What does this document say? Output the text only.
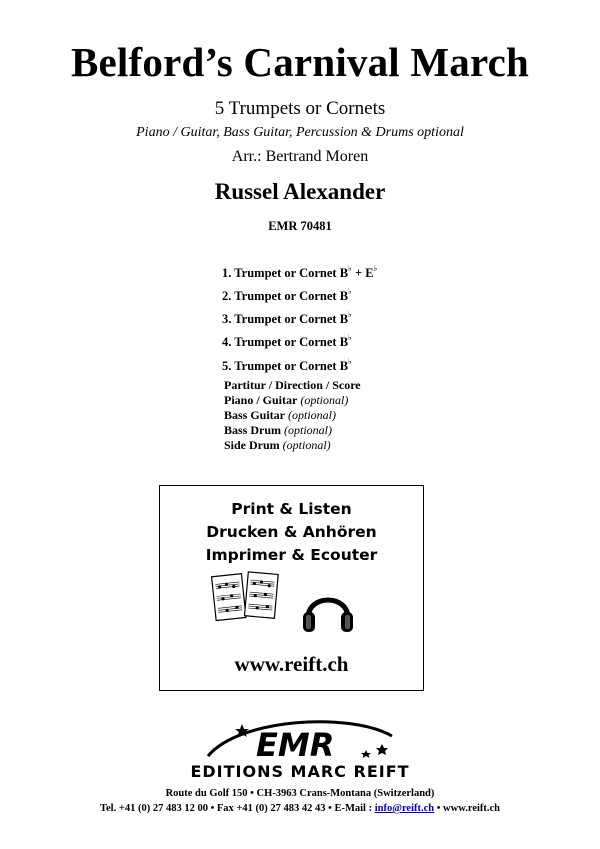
Belford’s Carnival March
5 Trumpets or Cornets
Piano / Guitar, Bass Guitar, Percussion & Drums optional
Arr.: Bertrand Moren
Russel Alexander
EMR 70481
1. Trumpet or Cornet B♭ + E♭
2. Trumpet or Cornet B♭
3. Trumpet or Cornet B♭
4. Trumpet or Cornet B♭
5. Trumpet or Cornet B♭
Partitur / Direction / Score
Piano / Guitar (optional)
Bass Guitar (optional)
Bass Drum (optional)
Side Drum (optional)
Print & Listen
Drucken & Anhören
Imprimer & Ecouter
www.reift.ch
EMR
EDITIONS MARC REIFT
Route du Golf 150 • CH-3963 Crans-Montana (Switzerland)
Tel. +41 (0) 27 483 12 00 • Fax +41 (0) 27 483 42 43 • E-Mail : info@reift.ch • www.reift.ch
